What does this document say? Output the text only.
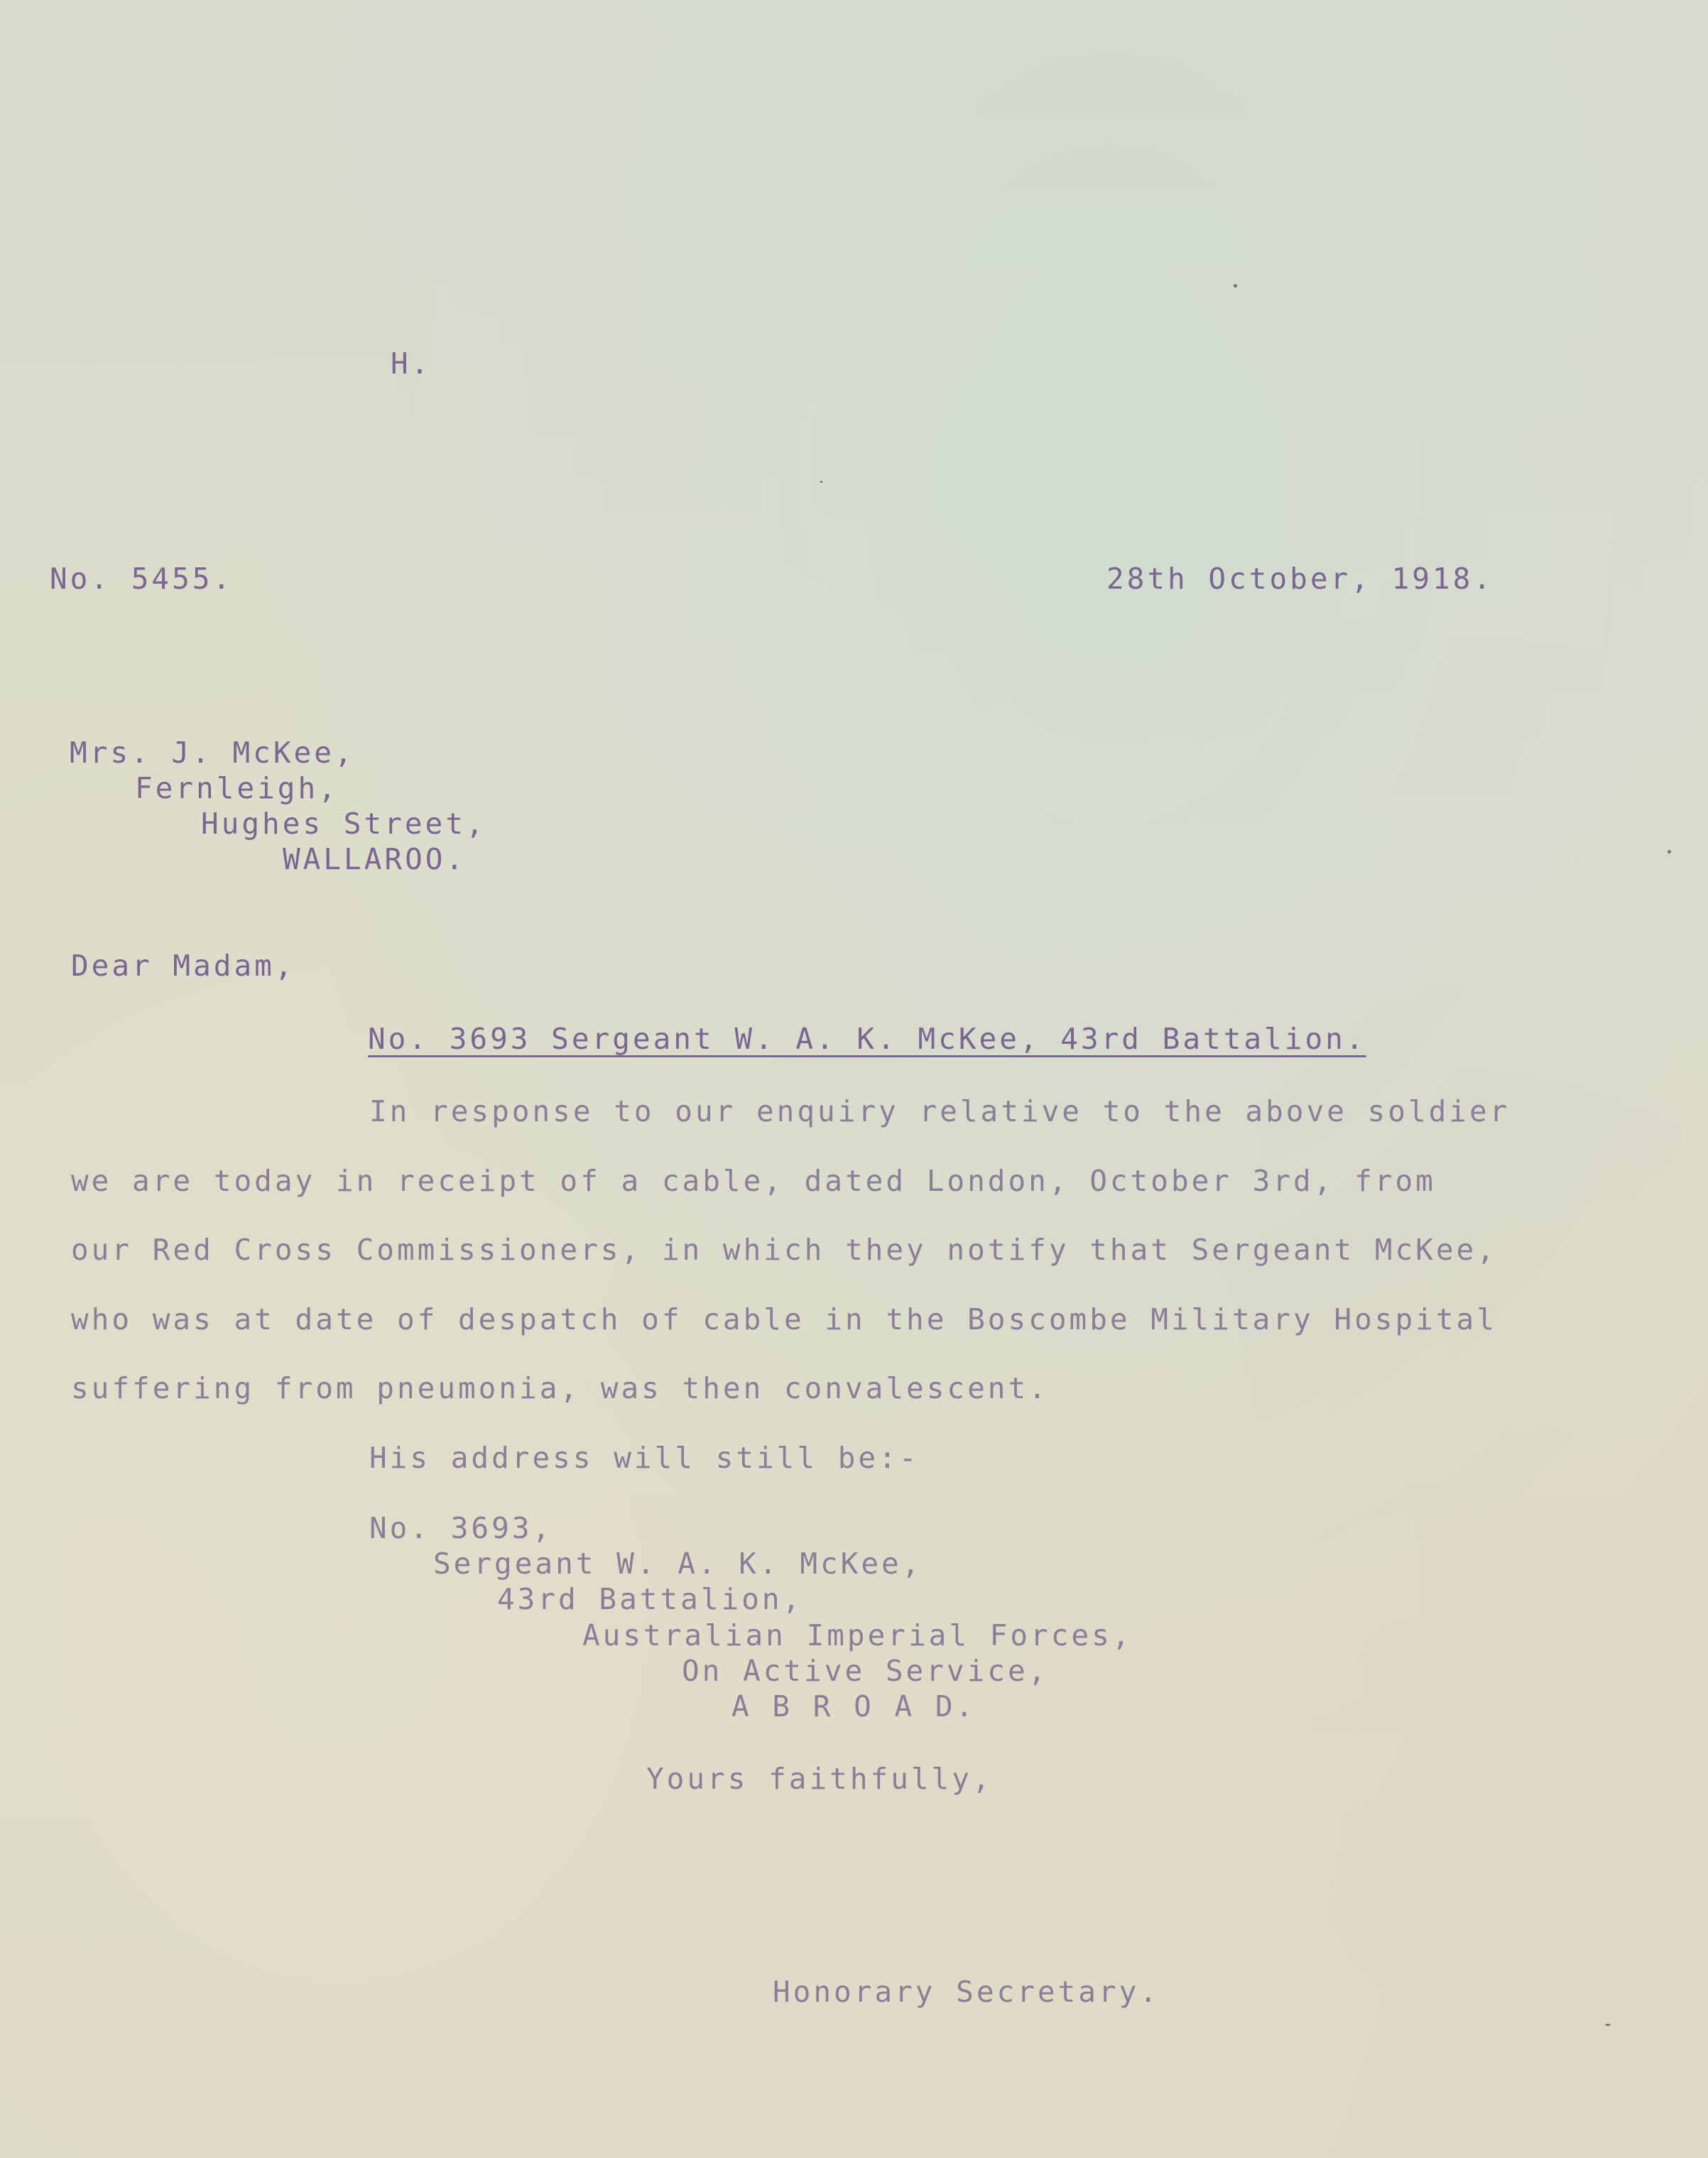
H.

No. 5455.	28th October, 1918.

Mrs. J. McKee,

Fernleigh,

Hughes Street,

WALLAROO.

Dear Madam,

No. 3693 Sergeant W. A. K. McKee, 43rd Battalion.

In response to our enquiry relative to the above soldier

we are today in receipt of a cable, dated London, October 3rd, from

our Red Cross Commissioners, in which they notify that Sergeant McKee,

who was at date of despatch of cable in the Boscombe Military Hospital

suffering from pneumonia, was then convalescent.

His address will still be:-

No. 3693,

Sergeant W. A. K. McKee,

43rd Battalion,

Australian Imperial Forces,

On Active Service,

A B R O A D.

Yours faithfully,

Honorary Secretary.
